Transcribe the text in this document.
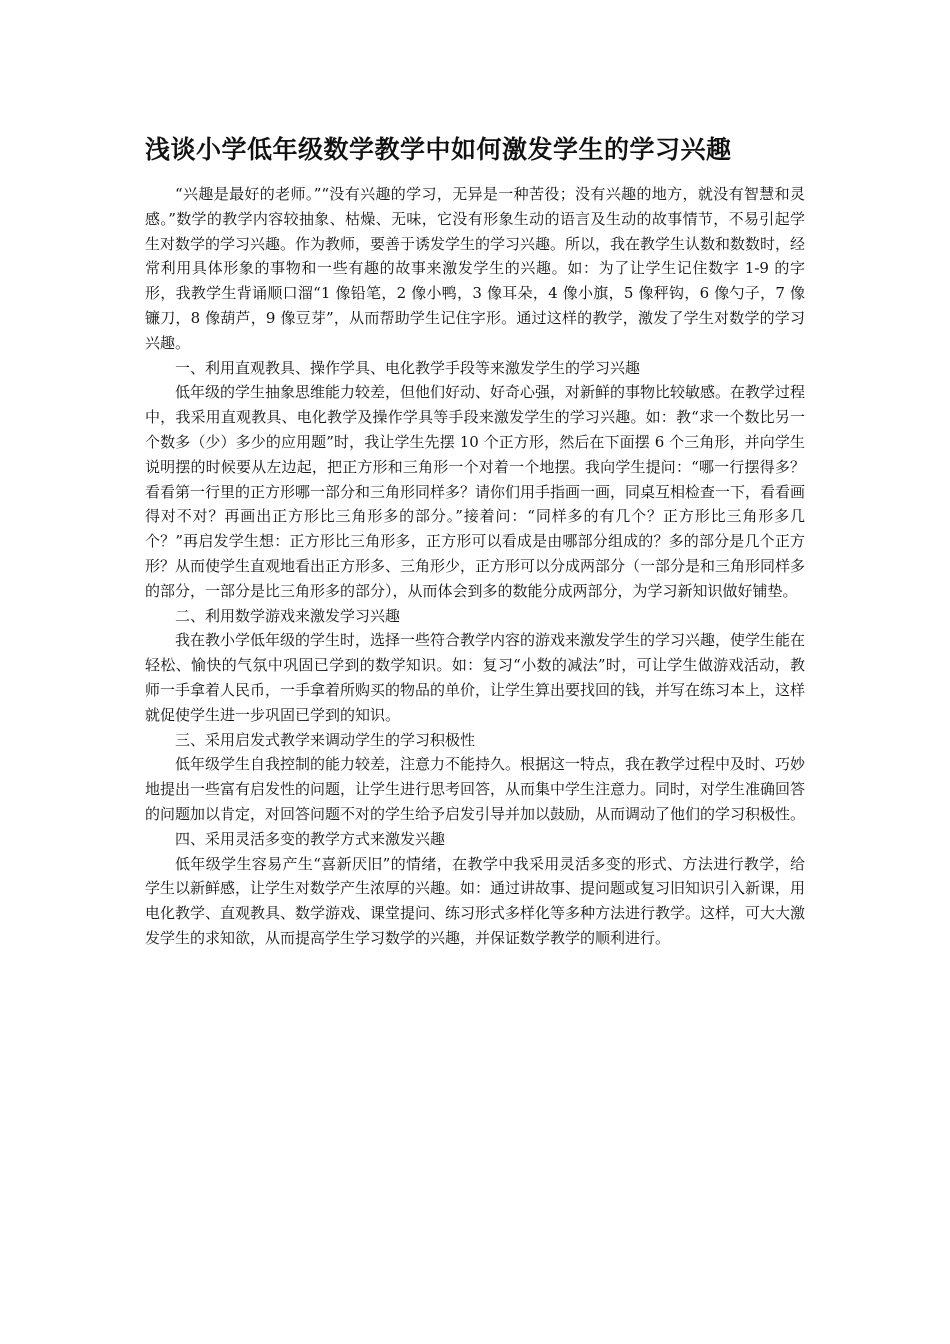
浅谈小学低年级数学教学中如何激发学生的学习兴趣

“兴趣是最好的老师。”“没有兴趣的学习，无异是一种苦役；没有兴趣的地方，就没有智慧和灵感。”数学的教学内容较抽象、枯燥、无味，它没有形象生动的语言及生动的故事情节，不易引起学生对数学的学习兴趣。作为教师，要善于诱发学生的学习兴趣。所以，我在教学生认数和数数时，经常利用具体形象的事物和一些有趣的故事来激发学生的兴趣。如：为了让学生记住数字 1-9 的字形，我教学生背诵顺口溜“1 像铅笔，2 像小鸭，3 像耳朵，4 像小旗，5 像秤钩，6 像勺子，7 像镰刀，8 像葫芦，9 像豆芽”，从而帮助学生记住字形。通过这样的教学，激发了学生对数学的学习兴趣。

一、利用直观教具、操作学具、电化教学手段等来激发学生的学习兴趣

低年级的学生抽象思维能力较差，但他们好动、好奇心强，对新鲜的事物比较敏感。在教学过程中，我采用直观教具、电化教学及操作学具等手段来激发学生的学习兴趣。如：教“求一个数比另一个数多（少）多少的应用题”时，我让学生先摆 10 个正方形，然后在下面摆 6 个三角形，并向学生说明摆的时候要从左边起，把正方形和三角形一个对着一个地摆。我向学生提问：“哪一行摆得多？看看第一行里的正方形哪一部分和三角形同样多？请你们用手指画一画，同桌互相检查一下，看看画得对不对？再画出正方形比三角形多的部分。”接着问：“同样多的有几个？正方形比三角形多几个？”再启发学生想：正方形比三角形多，正方形可以看成是由哪部分组成的？多的部分是几个正方形？从而使学生直观地看出正方形多、三角形少，正方形可以分成两部分（一部分是和三角形同样多的部分，一部分是比三角形多的部分），从而体会到多的数能分成两部分，为学习新知识做好铺垫。

二、利用数学游戏来激发学习兴趣

我在教小学低年级的学生时，选择一些符合教学内容的游戏来激发学生的学习兴趣，使学生能在轻松、愉快的气氛中巩固已学到的数学知识。如：复习“小数的减法”时，可让学生做游戏活动，教师一手拿着人民币，一手拿着所购买的物品的单价，让学生算出要找回的钱，并写在练习本上，这样就促使学生进一步巩固已学到的知识。

三、采用启发式教学来调动学生的学习积极性

低年级学生自我控制的能力较差，注意力不能持久。根据这一特点，我在教学过程中及时、巧妙地提出一些富有启发性的问题，让学生进行思考回答，从而集中学生注意力。同时，对学生准确回答的问题加以肯定，对回答问题不对的学生给予启发引导并加以鼓励，从而调动了他们的学习积极性。

四、采用灵活多变的教学方式来激发兴趣

低年级学生容易产生“喜新厌旧”的情绪，在教学中我采用灵活多变的形式、方法进行教学，给学生以新鲜感，让学生对数学产生浓厚的兴趣。如：通过讲故事、提问题或复习旧知识引入新课，用电化教学、直观教具、数学游戏、课堂提问、练习形式多样化等多种方法进行教学。这样，可大大激发学生的求知欲，从而提高学生学习数学的兴趣，并保证数学教学的顺利进行。
